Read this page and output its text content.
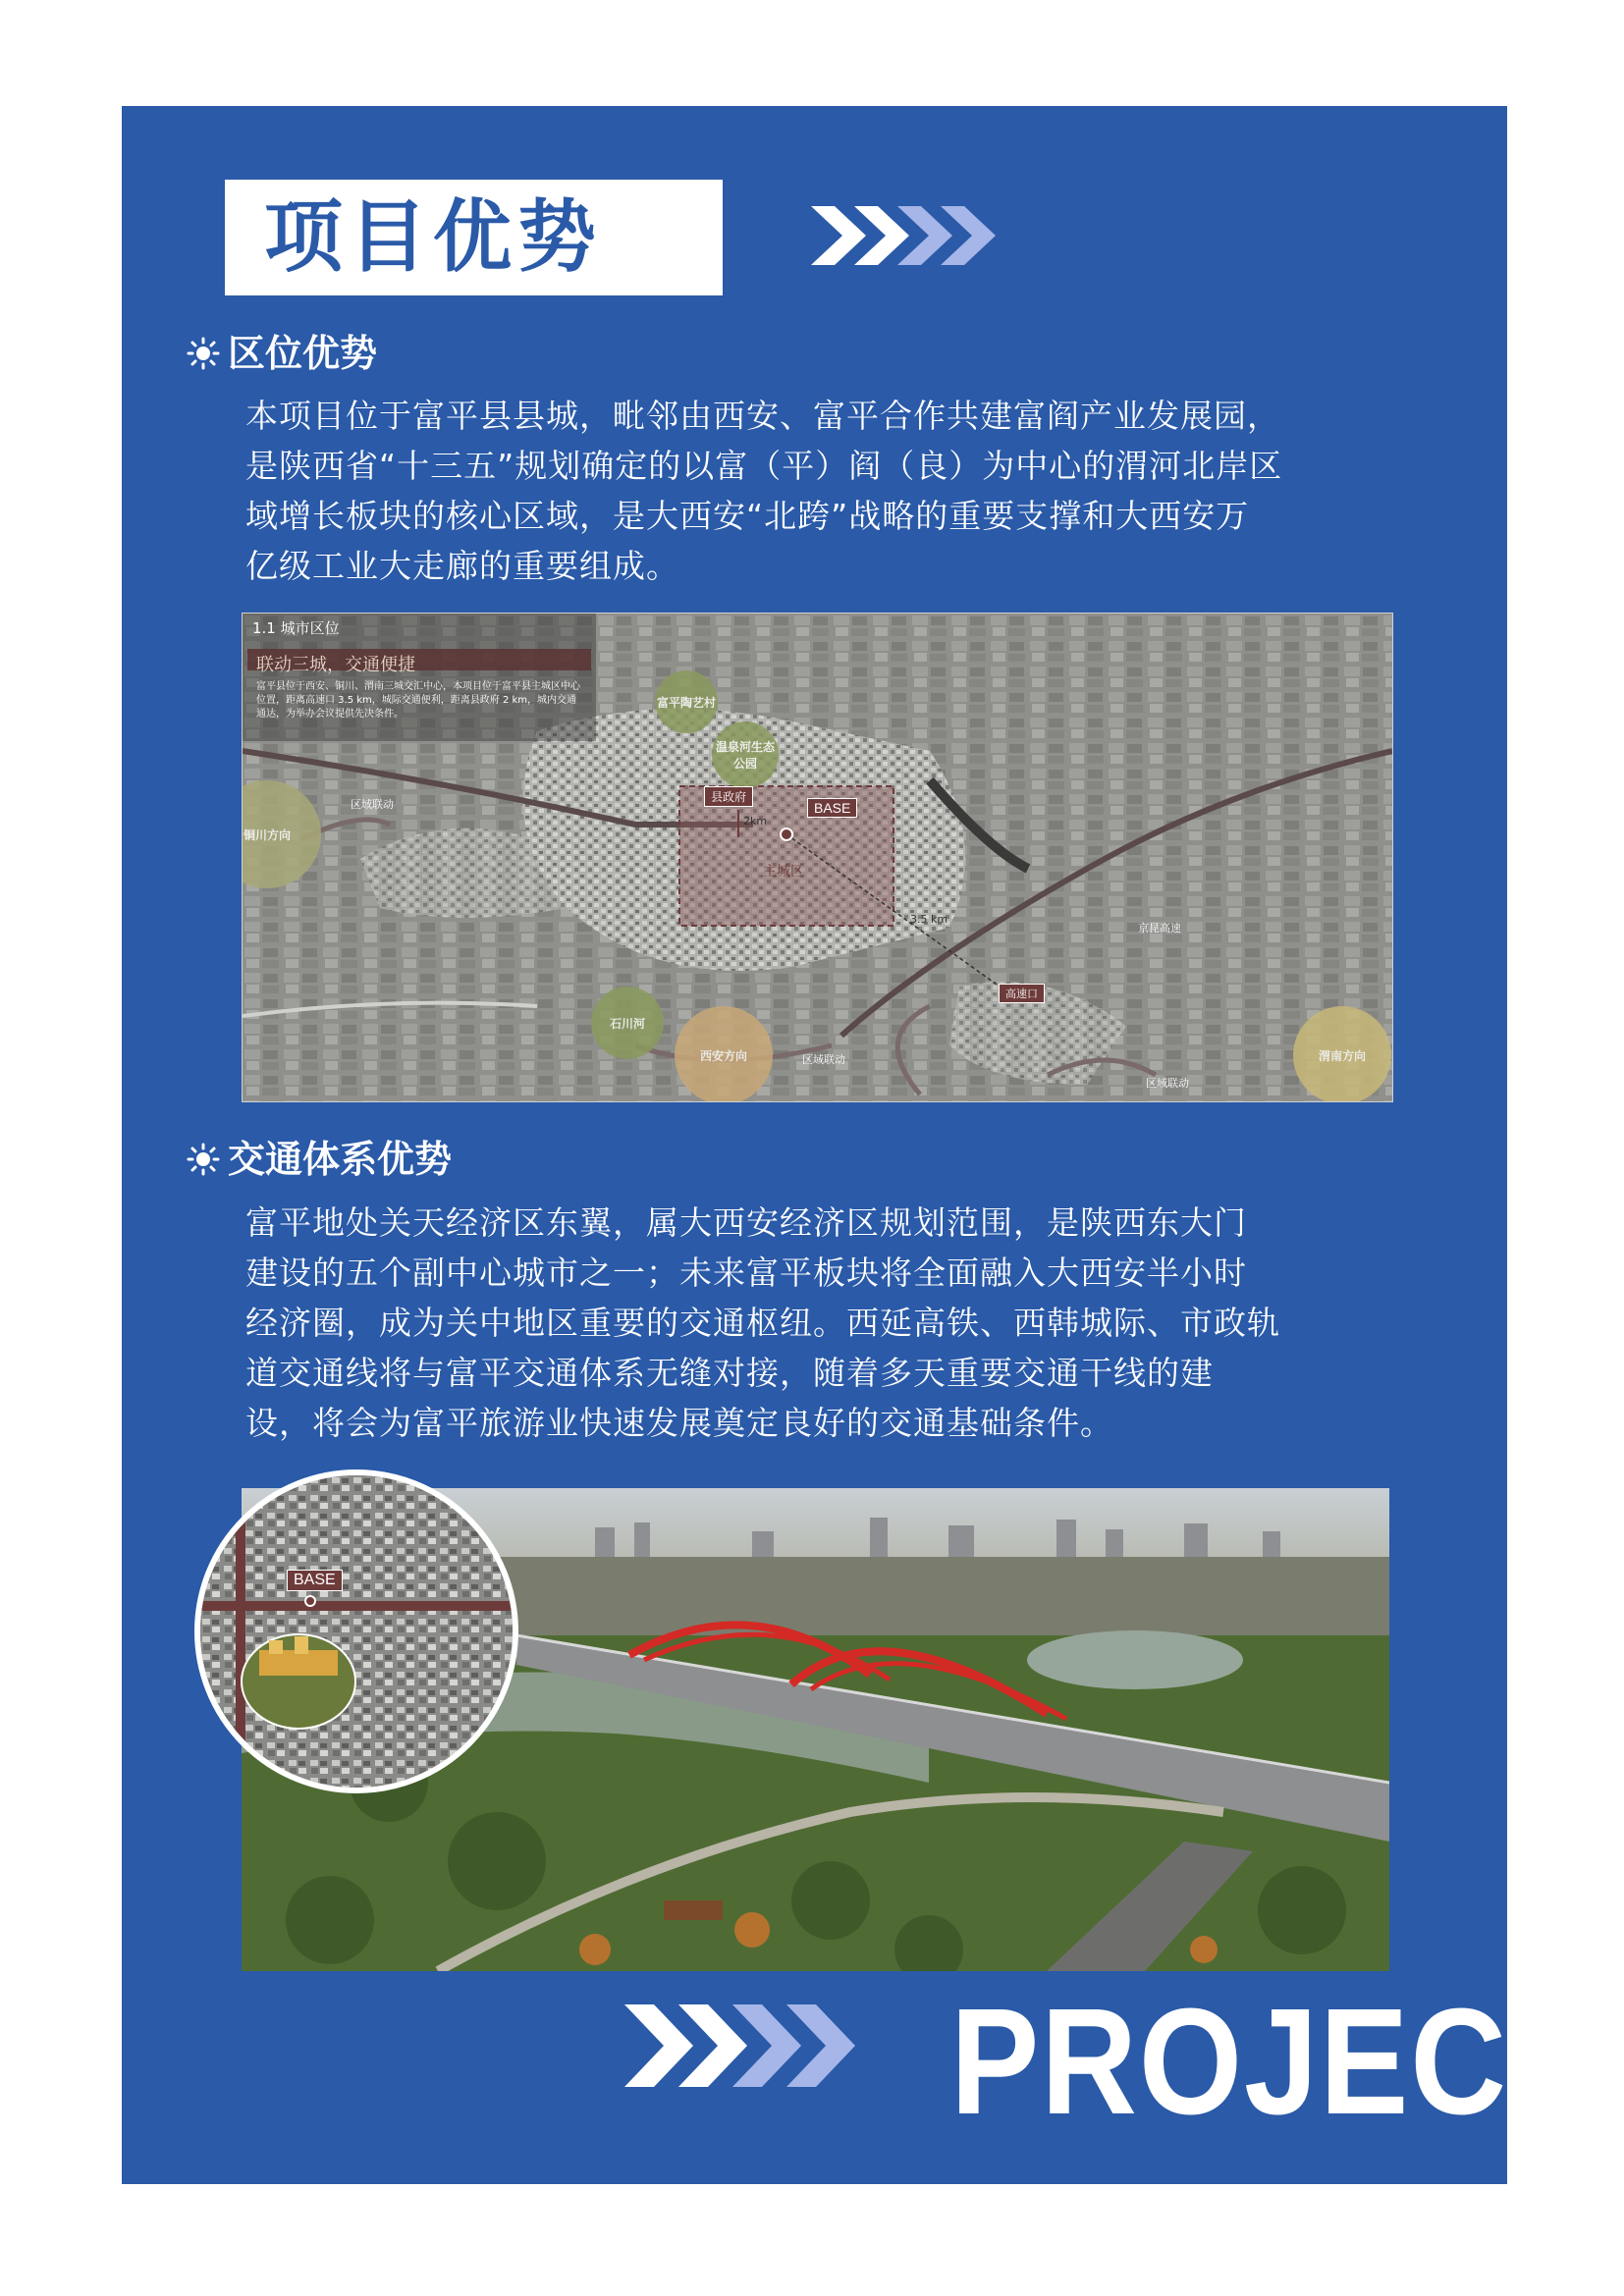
项目优势
区位优势
本项目位于富平县县城，毗邻由西安、富平合作共建富阎产业发展园，
是陕西省“十三五”规划确定的以富（平）阎（良）为中心的渭河北岸区
域增长板块的核心区域，是大西安“北跨”战略的重要支撑和大西安万
亿级工业大走廊的重要组成。
1.1 城市区位
联动三城，交通便捷
富平县位于西安、铜川、渭南三城交汇中心，本项目位于富平县主城区中心位置，距离高速口 3.5 km，城际交通便利，距离县政府 2 km，城内交通通达，为举办会议提供先决条件。
富平陶艺村
温泉河生态公园
铜川方向
石川河
西安方向	渭南方向
县政府
BASE
2km
主城区
3.5 km
高速口
京昆高速
区域联动
区域联动
区域联动
交通体系优势
富平地处关天经济区东翼，属大西安经济区规划范围，是陕西东大门
建设的五个副中心城市之一；未来富平板块将全面融入大西安半小时
经济圈，成为关中地区重要的交通枢纽。西延高铁、西韩城际、市政轨
道交通线将与富平交通体系无缝对接，随着多天重要交通干线的建
设，将会为富平旅游业快速发展奠定良好的交通基础条件。
BASE
PROJECT
